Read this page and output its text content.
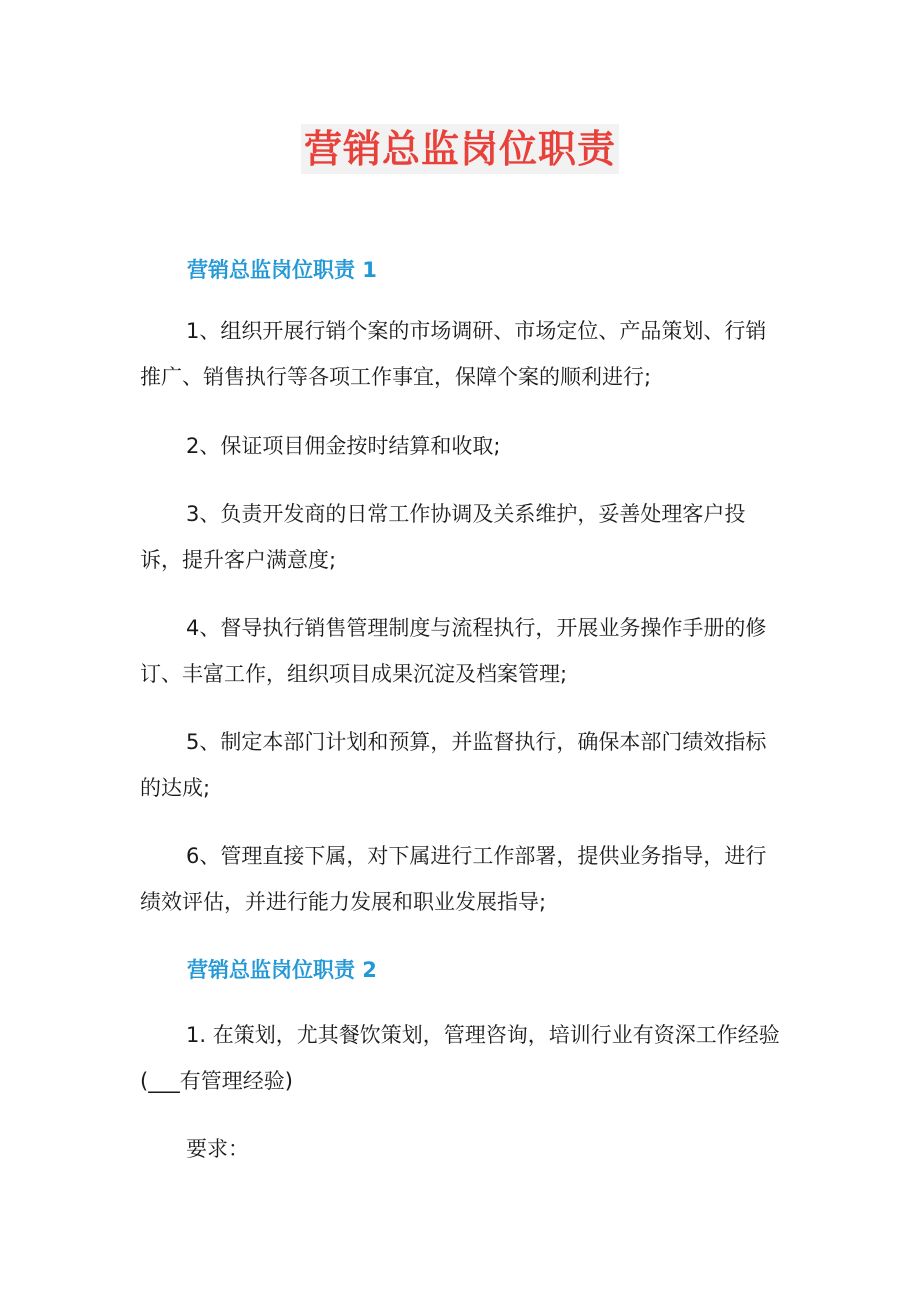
营销总监岗位职责
营销总监岗位职责 1

1、组织开展行销个案的市场调研、市场定位、产品策划、行销推广、销售执行等各项工作事宜，保障个案的顺利进行;

2、保证项目佣金按时结算和收取;

3、负责开发商的日常工作协调及关系维护，妥善处理客户投诉，提升客户满意度;

4、督导执行销售管理制度与流程执行，开展业务操作手册的修订、丰富工作，组织项目成果沉淀及档案管理;

5、制定本部门计划和预算，并监督执行，确保本部门绩效指标的达成;

6、管理直接下属，对下属进行工作部署，提供业务指导，进行绩效评估，并进行能力发展和职业发展指导;

营销总监岗位职责 2

1. 在策划，尤其餐饮策划，管理咨询，培训行业有资深工作经验(___有管理经验)

要求：
